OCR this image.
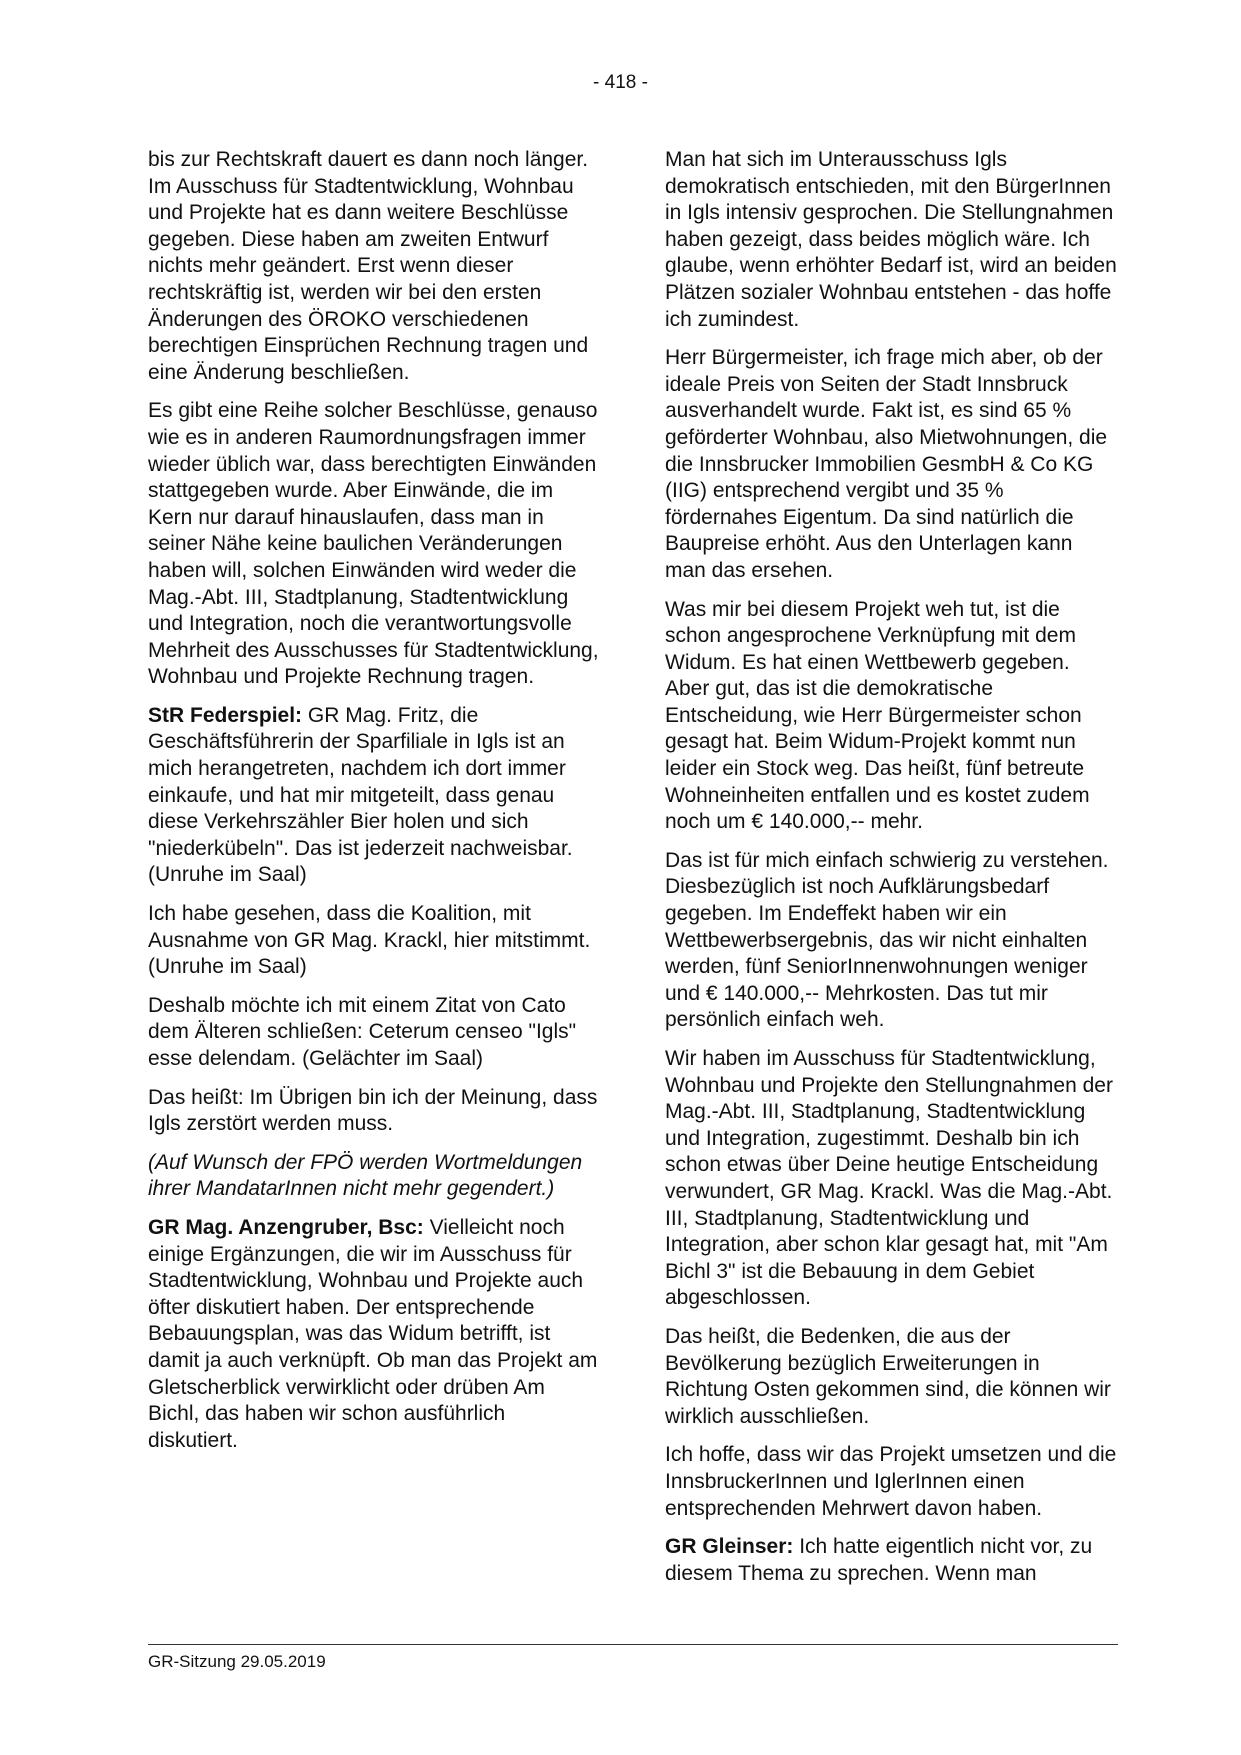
- 418 -

bis zur Rechtskraft dauert es dann noch länger. Im Ausschuss für Stadtentwicklung, Wohnbau und Projekte hat es dann weitere Beschlüsse gegeben. Diese haben am zweiten Entwurf nichts mehr geändert. Erst wenn dieser rechtskräftig ist, werden wir bei den ersten Änderungen des ÖROKO verschiedenen berechtigen Einsprüchen Rechnung tragen und eine Änderung beschließen.

Es gibt eine Reihe solcher Beschlüsse, genauso wie es in anderen Raumordnungsfragen immer wieder üblich war, dass berechtigten Einwänden stattgegeben wurde. Aber Einwände, die im Kern nur darauf hinauslaufen, dass man in seiner Nähe keine baulichen Veränderungen haben will, solchen Einwänden wird weder die Mag.-Abt. III, Stadtplanung, Stadtentwicklung und Integration, noch die verantwortungsvolle Mehrheit des Ausschusses für Stadtentwicklung, Wohnbau und Projekte Rechnung tragen.

StR Federspiel: GR Mag. Fritz, die Geschäftsführerin der Sparfiliale in Igls ist an mich herangetreten, nachdem ich dort immer einkaufe, und hat mir mitgeteilt, dass genau diese Verkehrszähler Bier holen und sich "niederkübeln". Das ist jederzeit nachweisbar. (Unruhe im Saal)

Ich habe gesehen, dass die Koalition, mit Ausnahme von GR Mag. Krackl, hier mitstimmt. (Unruhe im Saal)

Deshalb möchte ich mit einem Zitat von Cato dem Älteren schließen: Ceterum censeo "Igls" esse delendam. (Gelächter im Saal)

Das heißt: Im Übrigen bin ich der Meinung, dass Igls zerstört werden muss.

(Auf Wunsch der FPÖ werden Wortmeldungen ihrer MandatarInnen nicht mehr gegendert.)

GR Mag. Anzengruber, Bsc: Vielleicht noch einige Ergänzungen, die wir im Ausschuss für Stadtentwicklung, Wohnbau und Projekte auch öfter diskutiert haben. Der entsprechende Bebauungsplan, was das Widum betrifft, ist damit ja auch verknüpft. Ob man das Projekt am Gletscherblick verwirklicht oder drüben Am Bichl, das haben wir schon ausführlich diskutiert.

Man hat sich im Unterausschuss Igls demokratisch entschieden, mit den BürgerInnen in Igls intensiv gesprochen. Die Stellungnahmen haben gezeigt, dass beides möglich wäre. Ich glaube, wenn erhöhter Bedarf ist, wird an beiden Plätzen sozialer Wohnbau entstehen - das hoffe ich zumindest.

Herr Bürgermeister, ich frage mich aber, ob der ideale Preis von Seiten der Stadt Innsbruck ausverhandelt wurde. Fakt ist, es sind 65 % geförderter Wohnbau, also Mietwohnungen, die die Innsbrucker Immobilien GesmbH & Co KG (IIG) entsprechend vergibt und 35 % fördernahes Eigentum. Da sind natürlich die Baupreise erhöht. Aus den Unterlagen kann man das ersehen.

Was mir bei diesem Projekt weh tut, ist die schon angesprochene Verknüpfung mit dem Widum. Es hat einen Wettbewerb gegeben. Aber gut, das ist die demokratische Entscheidung, wie Herr Bürgermeister schon gesagt hat. Beim Widum-Projekt kommt nun leider ein Stock weg. Das heißt, fünf betreute Wohneinheiten entfallen und es kostet zudem noch um € 140.000,-- mehr.

Das ist für mich einfach schwierig zu verstehen. Diesbezüglich ist noch Aufklärungsbedarf gegeben. Im Endeffekt haben wir ein Wettbewerbsergebnis, das wir nicht einhalten werden, fünf SeniorInnenwohnungen weniger und € 140.000,-- Mehrkosten. Das tut mir persönlich einfach weh.

Wir haben im Ausschuss für Stadtentwicklung, Wohnbau und Projekte den Stellungnahmen der Mag.-Abt. III, Stadtplanung, Stadtentwicklung und Integration, zugestimmt. Deshalb bin ich schon etwas über Deine heutige Entscheidung verwundert, GR Mag. Krackl. Was die Mag.-Abt. III, Stadtplanung, Stadtentwicklung und Integration, aber schon klar gesagt hat, mit "Am Bichl 3" ist die Bebauung in dem Gebiet abgeschlossen.

Das heißt, die Bedenken, die aus der Bevölkerung bezüglich Erweiterungen in Richtung Osten gekommen sind, die können wir wirklich ausschließen.

Ich hoffe, dass wir das Projekt umsetzen und die InnsbruckerInnen und IglerInnen einen entsprechenden Mehrwert davon haben.

GR Gleinser: Ich hatte eigentlich nicht vor, zu diesem Thema zu sprechen. Wenn man

GR-Sitzung 29.05.2019
